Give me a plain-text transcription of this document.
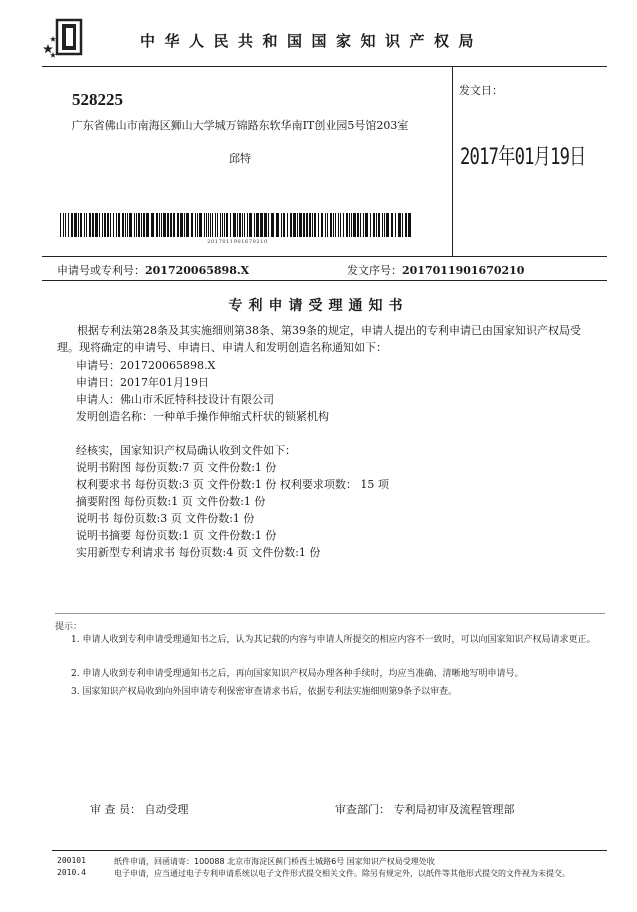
中华人民共和国国家知识产权局
528225
广东省佛山市南海区狮山大学城万锦路东软华南IT创业园5号馆203室
邱特
2017011901670210
发文日：
2017年01月19日
申请号或专利号：201720065898.X	发文序号：2017011901670210
专利申请受理通知书
根据专利法第28条及其实施细则第38条、第39条的规定，申请人提出的专利申请已由国家知识产权局受理。现将确定的申请号、申请日、申请人和发明创造名称通知如下：
申请号：201720065898.X
申请日：2017年01月19日
申请人：佛山市禾匠特科技设计有限公司
发明创造名称：一种单手操作伸缩式杆状的锁紧机构
经核实，国家知识产权局确认收到文件如下：
说明书附图 每份页数:7 页 文件份数:1 份
权利要求书 每份页数:3 页 文件份数:1 份 权利要求项数： 15 项
摘要附图 每份页数:1 页 文件份数:1 份
说明书 每份页数:3 页 文件份数:1 份
说明书摘要 每份页数:1 页 文件份数:1 份
实用新型专利请求书 每份页数:4 页 文件份数:1 份
提示：
1. 申请人收到专利申请受理通知书之后，认为其记载的内容与申请人所提交的相应内容不一致时，可以向国家知识产权局请求更正。
2. 申请人收到专利申请受理通知书之后，再向国家知识产权局办理各种手续时，均应当准确、清晰地写明申请号。
3. 国家知识产权局收到向外国申请专利保密审查请求书后，依据专利法实施细则第9条予以审查。
审 查 员： 自动受理	审查部门： 专利局初审及流程管理部
200101	纸件申请，回函请寄：100088 北京市海淀区蓟门桥西土城路6号 国家知识产权局受理处收
2010.4	电子申请，应当通过电子专利申请系统以电子文件形式提交相关文件。除另有规定外，以纸件等其他形式提交的文件视为未提交。
